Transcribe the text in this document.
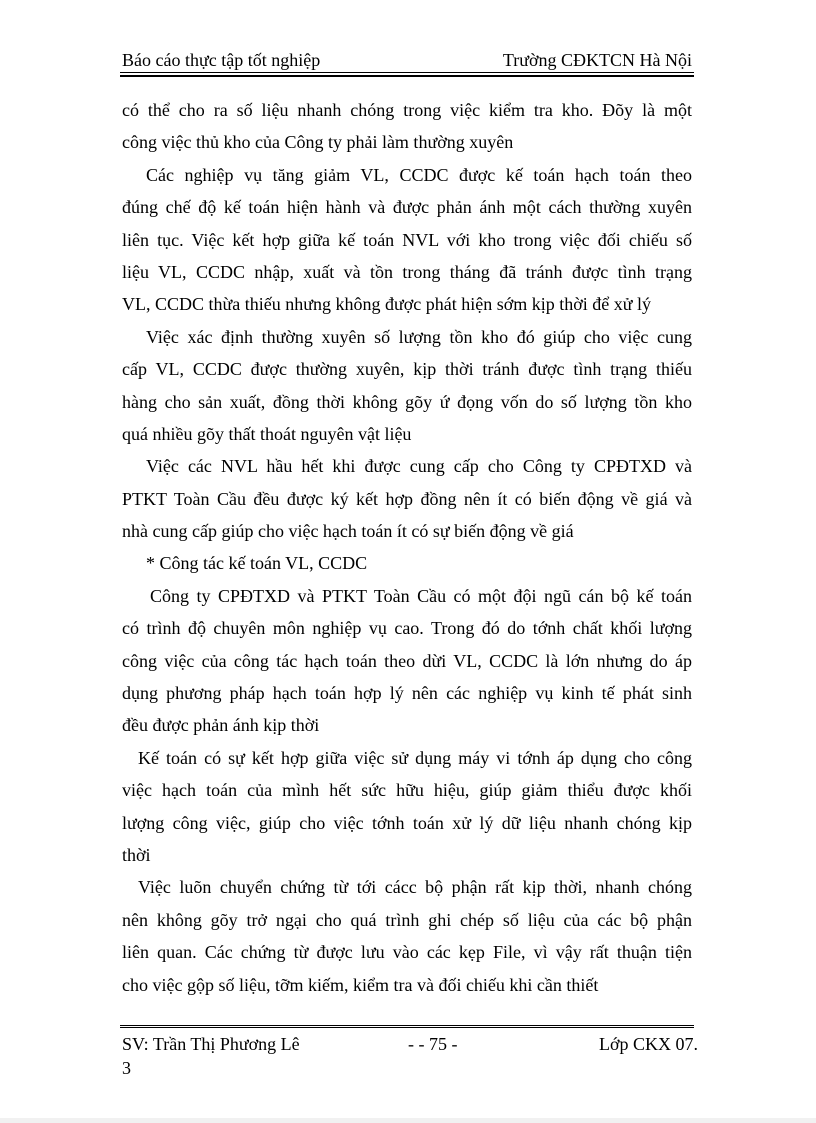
Báo cáo thực tập tốt nghiệp	Trường CĐKTCN Hà Nội
có thể cho ra số liệu nhanh chóng trong việc kiểm tra kho. Đõy là một
công việc thủ kho của Công ty phải làm thường xuyên
Các nghiệp vụ tăng giảm VL, CCDC được kế toán hạch toán theo
đúng chế độ kế toán hiện hành và được phản ánh một cách thường xuyên
liên tục. Việc kết hợp giữa kế toán NVL với kho trong việc đối chiếu số
liệu VL, CCDC nhập, xuất và tồn trong tháng đã tránh được tình trạng
VL, CCDC thừa thiếu nhưng không được phát hiện sớm kịp thời để xử lý
Việc xác định thường xuyên số lượng tồn kho đó giúp cho việc cung
cấp VL, CCDC được thường xuyên, kịp thời tránh được tình trạng thiếu
hàng cho sản xuất, đồng thời không gõy ứ đọng vốn do số lượng tồn kho
quá nhiều gõy thất thoát nguyên vật liệu
Việc các NVL hầu hết khi được cung cấp cho Công ty CPĐTXD và
PTKT Toàn Cầu đều được ký kết hợp đồng nên ít có biến động về giá và
nhà cung cấp giúp cho việc hạch toán ít có sự biến động về giá
* Công tác kế toán VL, CCDC
Công ty CPĐTXD và PTKT Toàn Cầu có một đội ngũ cán bộ kế toán
có trình độ chuyên môn nghiệp vụ cao. Trong đó do tớnh chất khối lượng
công việc của công tác hạch toán theo dừi VL, CCDC là lớn nhưng do áp
dụng phương pháp hạch toán hợp lý nên các nghiệp vụ kinh tế phát sinh
đều được phản ánh kịp thời
Kế toán có sự kết hợp giữa việc sử dụng máy vi tớnh áp dụng cho công
việc hạch toán của mình hết sức hữu hiệu, giúp giảm thiểu được khối
lượng công việc, giúp cho việc tớnh toán xử lý dữ liệu nhanh chóng kịp
thời
Việc luõn chuyển chứng từ tới cácc bộ phận rất kịp thời, nhanh chóng
nên không gõy trở ngại cho quá trình ghi chép số liệu của các bộ phận
liên quan. Các chứng từ được lưu vào các kẹp File, vì vậy rất thuận tiện
cho việc gộp số liệu, tỡm kiếm, kiểm tra và đối chiếu khi cần thiết
SV: Trần Thị Phương Lê	- - 75 -	Lớp CKX 07.
3
